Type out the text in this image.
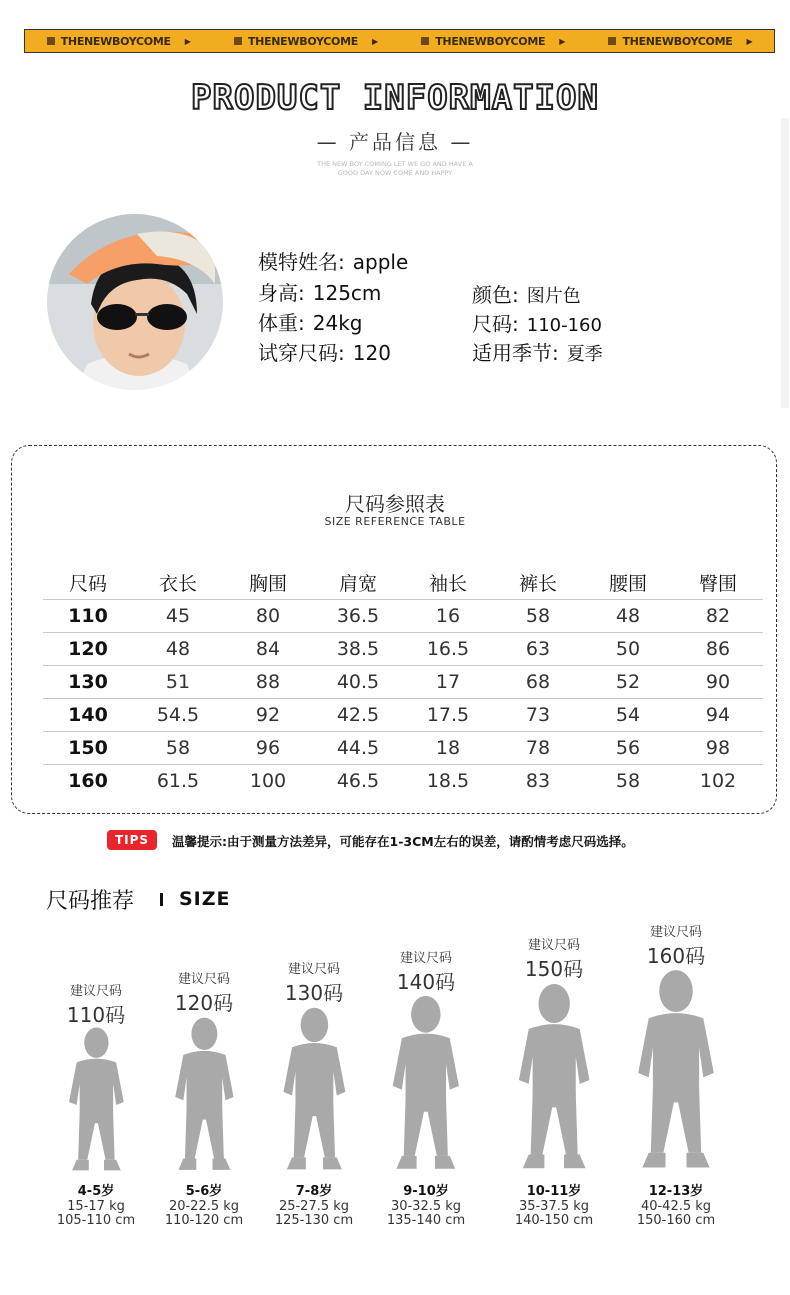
THENEWBOYCOME ▶	THENEWBOYCOME ▶	THENEWBOYCOME ▶	THENEWBOYCOME ▶
PRODUCT INFORMATION
— 产品信息 —
THE NEW BOY COMING LET WE GO AND HAVE A
GOOD DAY NOW COME AND HAPPY
模特姓名: apple
身高: 125cm
体重: 24kg
试穿尺码: 120
颜色: 图片色
尺码: 110-160
适用季节: 夏季
尺码参照表
SIZE REFERENCE TABLE
尺码	衣长	胸围	肩宽	袖长	裤长	腰围	臀围
110	45	80	36.5	16	58	48	82
120	48	84	38.5	16.5	63	50	86
130	51	88	40.5	17	68	52	90
140	54.5	92	42.5	17.5	73	54	94
150	58	96	44.5	18	78	56	98
160	61.5	100	46.5	18.5	83	58	102
TIPS	温馨提示:由于测量方法差异，可能存在1-3CM左右的误差，请酌情考虑尺码选择。
尺码推荐 SIZE
建议尺码
110码
4-5岁
15-17 kg
105-110 cm
建议尺码
120码
5-6岁
20-22.5 kg
110-120 cm
建议尺码
130码
7-8岁
25-27.5 kg
125-130 cm
建议尺码
140码
9-10岁
30-32.5 kg
135-140 cm
建议尺码
150码
10-11岁
35-37.5 kg
140-150 cm
建议尺码
160码
12-13岁
40-42.5 kg
150-160 cm
